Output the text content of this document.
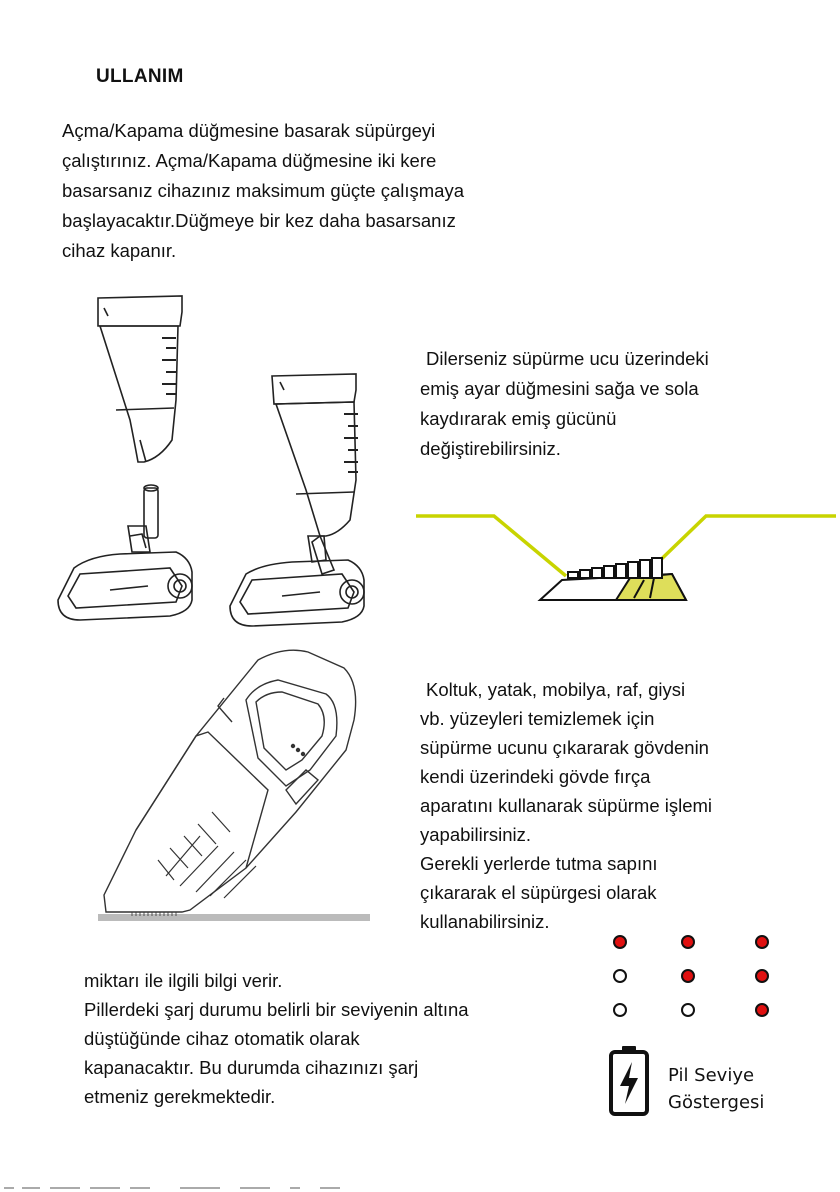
ULLANIM
Açma/Kapama düğmesine basarak süpürgeyi
çalıştırınız. Açma/Kapama düğmesine iki kere
basarsanız cihazınız maksimum güçte çalışmaya
başlayacaktır.Düğmeye bir kez daha basarsanız
cihaz kapanır.
Dilerseniz süpürme ucu üzerindeki
emiş ayar düğmesini sağa ve sola
kaydırarak emiş gücünü
değiştirebilirsiniz.
Koltuk, yatak, mobilya, raf, giysi
vb. yüzeyleri temizlemek için
süpürme ucunu çıkararak gövdenin
kendi üzerindeki gövde fırça
aparatını kullanarak süpürme işlemi
yapabilirsiniz.
Gerekli yerlerde tutma sapını
çıkararak el süpürgesi olarak
kullanabilirsiniz.
miktarı ile ilgili bilgi verir.
Pillerdeki şarj durumu belirli bir seviyenin altına
düştüğünde cihaz otomatik olarak
kapanacaktır. Bu durumda cihazınızı şarj
etmeniz gerekmektedir.
Pil Seviye
Göstergesi
